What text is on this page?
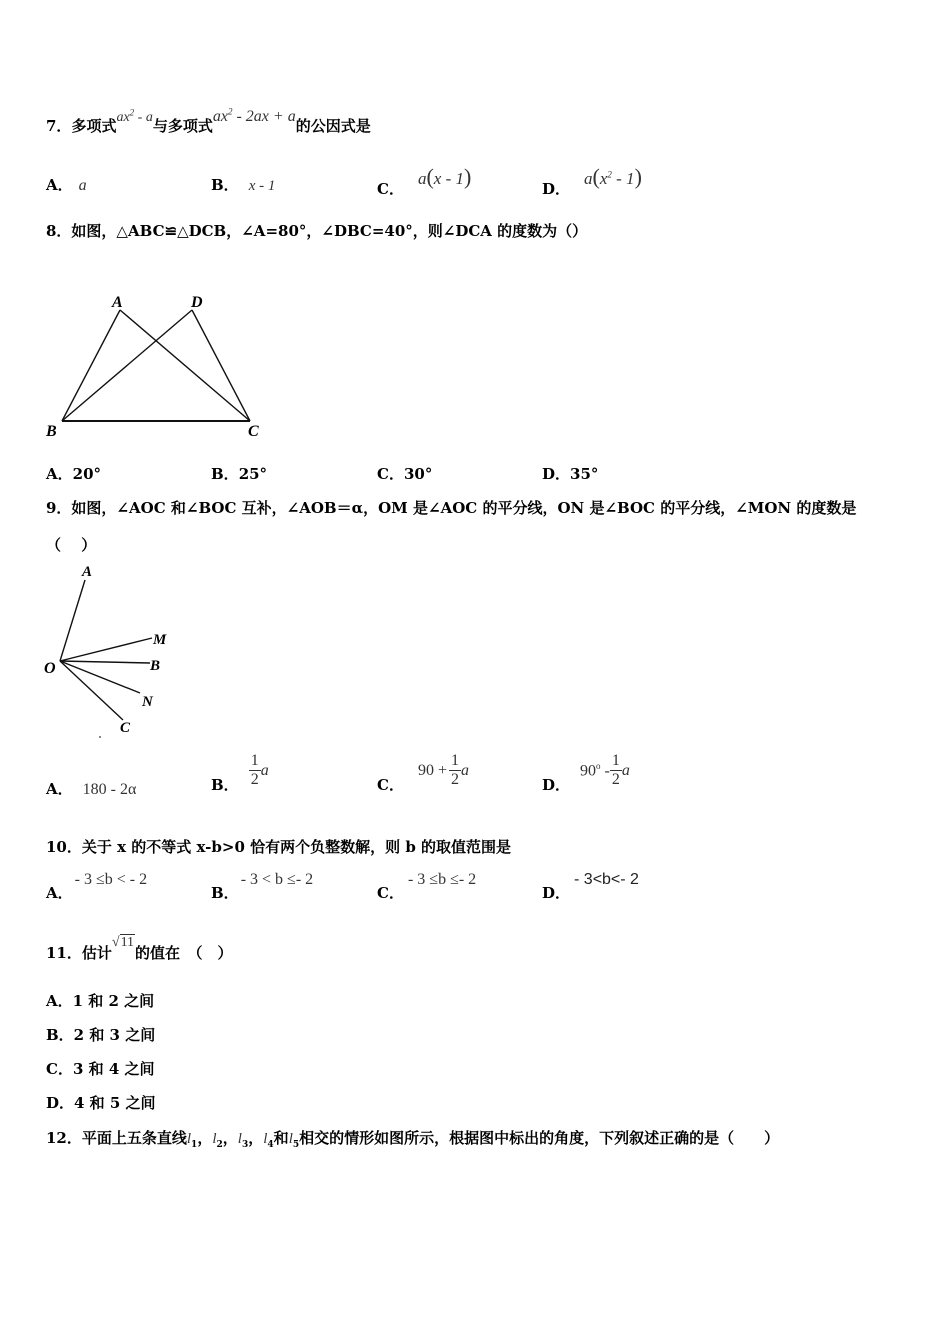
7．多项式$ax^2$ - a与多项式$ax^2 - 2ax + a$的公因式是
A． a	B． x - 1	C．a(x - 1)	D．$a(x^2 - 1)$
8．如图，△ABC≌△DCB，∠A=80°，∠DBC=40°，则∠DCA 的度数为（）
A	D
B	C
A．20°	B．25°	C．30°	D．35°
9．如图，∠AOC 和∠BOC 互补，∠AOB＝α，OM 是∠AOC 的平分线，ON 是∠BOC 的平分线，∠MON 的度数是
（　 ）
A
M
O	B
N
C
A． 180 - 2α	B． $\frac{1}{2}$ a
C．
$90 + \frac{1}{2}$ a
D．
$90^o - \frac{1}{2}$ a
10．关于 x 的不等式 x-b>0 恰有两个负整数解，则 b 的取值范围是
A．- 3 ≤b < - 2
B．- 3 < b ≤- 2
C．- 3 ≤b ≤- 2
D．- 3<b<- 2
11．估计√11的值在　（　）
A．1 和 2 之间
B．2 和 3 之间
C．3 和 4 之间
D．4 和 5 之间
12．平面上五条直线$l_1$，$l_2$，$l_3$，$l_4$和$l_5$相交的情形如图所示，根据图中标出的角度，下列叙述正确的是（　　）
